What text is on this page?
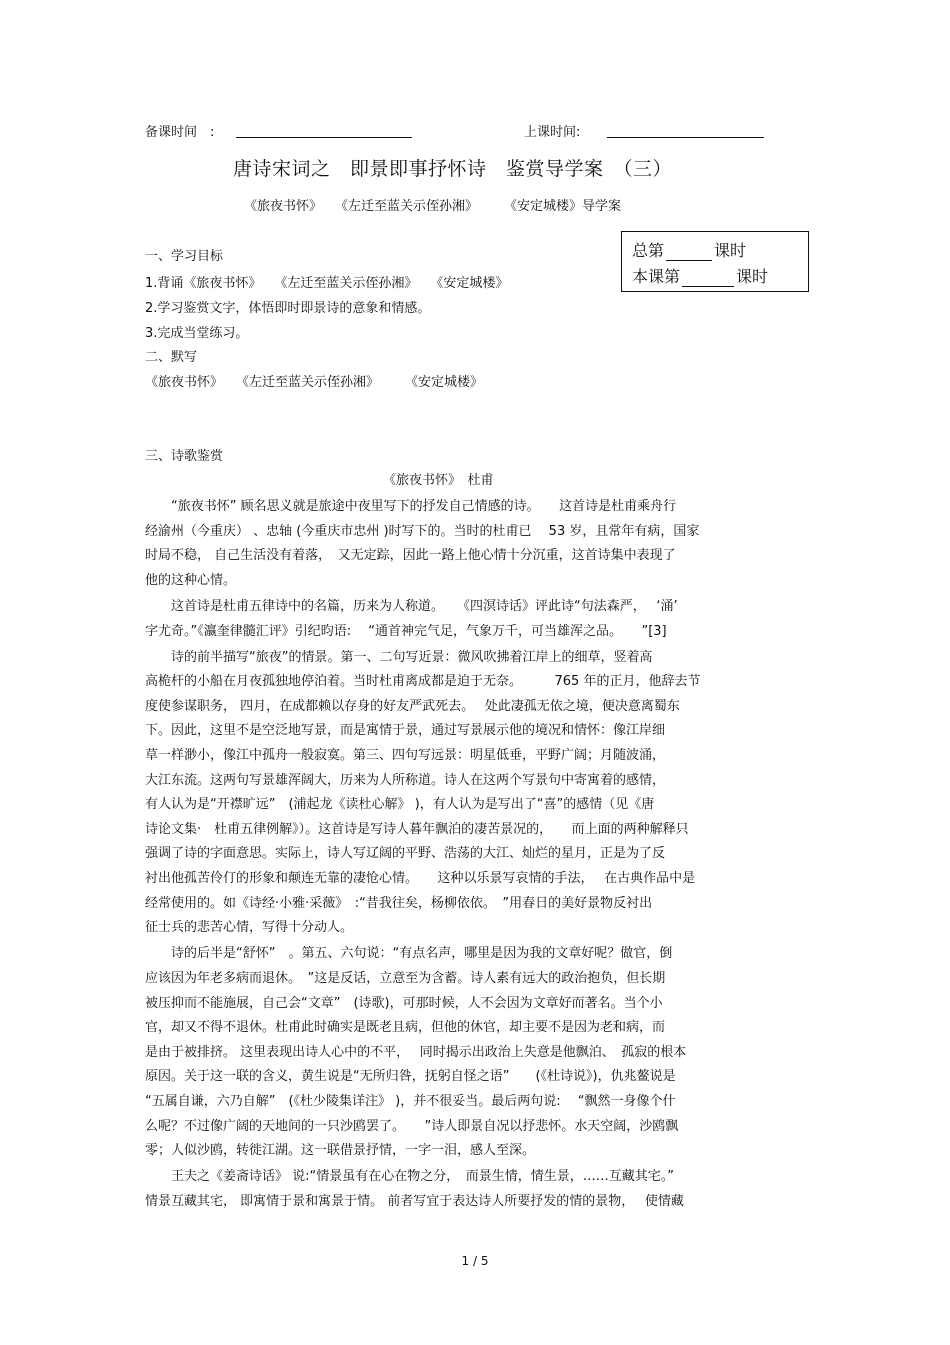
备课时间　:	上课时间:
唐诗宋词之　即景即事抒怀诗　鉴赏导学案　（三）
《旅夜书怀》　　《左迁至蓝关示侄孙湘》　　　《安定城楼》导学案
总第	课时
本课第	课时
一、学习目标
1.背诵《旅夜书怀》　　《左迁至蓝关示侄孙湘》　　《安定城楼》
2.学习鉴赏文字，体悟即时即景诗的意象和情感。
3.完成当堂练习。
二、默写
《旅夜书怀》　　《左迁至蓝关示侄孙湘》　　　《安定城楼》
三、诗歌鉴赏
《旅夜书怀》　杜甫
　　“旅夜书怀” 顾名思义就是旅途中夜里写下的抒发自己情感的诗。　　这首诗是杜甫乘舟行
经渝州（今重庆） 、忠轴 (今重庆市忠州 )时写下的。当时的杜甫已　 53 岁，且常年有病，国家
时局不稳， 自己生活没有着落，　又无定踪，因此一路上他心情十分沉重，这首诗集中表现了
他的这种心情。
　　这首诗是杜甫五律诗中的名篇，历来为人称道。　　《四溟诗话》评此诗“句法森严，　 ‘涌’
字尤奇。”《瀛奎律髓汇评》引纪昀语:　 “通首神完气足，气象万千，可当雄浑之品。　　”[3]
　　诗的前半描写“旅夜”的情景。第一、二句写近景：微风吹拂着江岸上的细草，竖着高
高桅杆的小船在月夜孤独地停泊着。当时杜甫离成都是迫于无奈。　　　765 年的正月，他辞去节
度使参谋职务， 四月，在成都赖以存身的好友严武死去。　 处此凄孤无依之境，便决意离蜀东
下。因此，这里不是空泛地写景，而是寓情于景，通过写景展示他的境况和情怀：像江岸细
草一样渺小，像江中孤舟一般寂寞。第三、四句写远景：明星低垂，平野广阔；月随波涌，
大江东流。这两句写景雄浑阔大，历来为人所称道。诗人在这两个写景句中寄寓着的感情，
有人认为是“开襟旷远”　(浦起龙《读杜心解》 )，有人认为是写出了“喜”的感情（见《唐
诗论文集·　杜甫五律例解》）。这首诗是写诗人暮年飘泊的凄苦景况的，　　而上面的两种解释只
强调了诗的字面意思。实际上，诗人写辽阔的平野、浩荡的大江、灿烂的星月，正是为了反
衬出他孤苦伶仃的形象和颠连无靠的凄怆心情。　　这种以乐景写哀情的手法，　 在古典作品中是
经常使用的。如《诗经·小雅·采薇》　:“昔我往矣，杨柳依依。　”用春日的美好景物反衬出
征士兵的悲苦心情，写得十分动人。
　　诗的后半是“舒怀”　。第五、六句说：“有点名声，哪里是因为我的文章好呢？做官，倒
应该因为年老多病而退休。　”这是反话，立意至为含蓄。诗人素有远大的政治抱负，但长期
被压抑而不能施展，自己会“文章”　(诗歌)，可那时候，人不会因为文章好而著名。当个小
官，却又不得不退休。杜甫此时确实是既老且病，但他的休官，却主要不是因为老和病，而
是由于被排挤。 这里表现出诗人心中的不平，　 同时揭示出政治上失意是他飘泊、　孤寂的根本
原因。关于这一联的含义，黄生说是“无所归咎，抚躬自怪之语”　　(《杜诗说》)，仇兆鳌说是
“五属自谦，六乃自解”　(《杜少陵集详注》 )，并不很妥当。最后两句说:　 “飘然一身像个什
么呢？不过像广阔的天地间的一只沙鸥罢了。　　”诗人即景自况以抒悲怀。水天空阔，沙鸥飘
零；人似沙鸥，转徙江湖。这一联借景抒情，一字一泪，感人至深。
　　王夫之《姜斋诗话》 说:“情景虽有在心在物之分，　而景生情，情生景，……互藏其宅。”
情景互藏其宅， 即寓情于景和寓景于情。 前者写宜于表达诗人所要抒发的情的景物，　 使情藏
1 / 5
